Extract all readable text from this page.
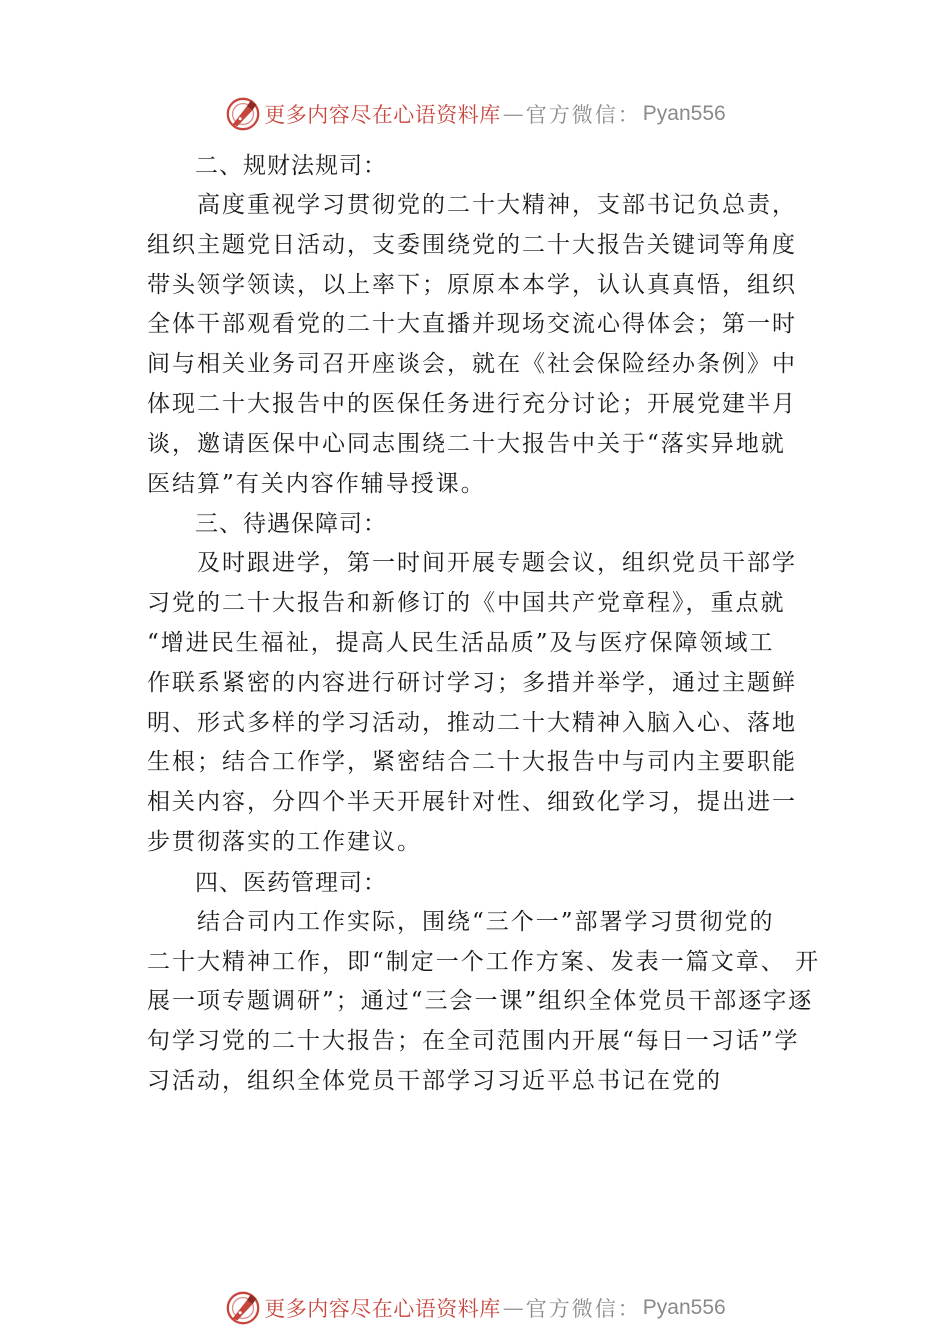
更多内容尽在心语资料库 — 官方微信： Pyan556

二、规财法规司：

高度重视学习贯彻党的二十大精神，支部书记负总责，
组织主题党日活动，支委围绕党的二十大报告关键词等角度
带头领学领读，以上率下；原原本本学，认认真真悟，组织
全体干部观看党的二十大直播并现场交流心得体会；第一时
间与相关业务司召开座谈会，就在《社会保险经办条例》中
体现二十大报告中的医保任务进行充分讨论；开展党建半月
谈，邀请医保中心同志围绕二十大报告中关于“落实异地就
医结算”有关内容作辅导授课。

三、待遇保障司：

及时跟进学，第一时间开展专题会议，组织党员干部学
习党的二十大报告和新修订的《中国共产党章程》，重点就
“增进民生福祉，提高人民生活品质”及与医疗保障领域工
作联系紧密的内容进行研讨学习；多措并举学，通过主题鲜
明、形式多样的学习活动，推动二十大精神入脑入心、落地
生根；结合工作学，紧密结合二十大报告中与司内主要职能
相关内容，分四个半天开展针对性、细致化学习，提出进一
步贯彻落实的工作建议。

四、医药管理司：

结合司内工作实际，围绕“三个一”部署学习贯彻党的
二十大精神工作，即“制定一个工作方案、发表一篇文章、 开
展一项专题调研”；通过“三会一课”组织全体党员干部逐字逐
句学习党的二十大报告；在全司范围内开展“每日一习话”学
习活动，组织全体党员干部学习习近平总书记在党的
更多内容尽在心语资料库 — 官方微信： Pyan556
